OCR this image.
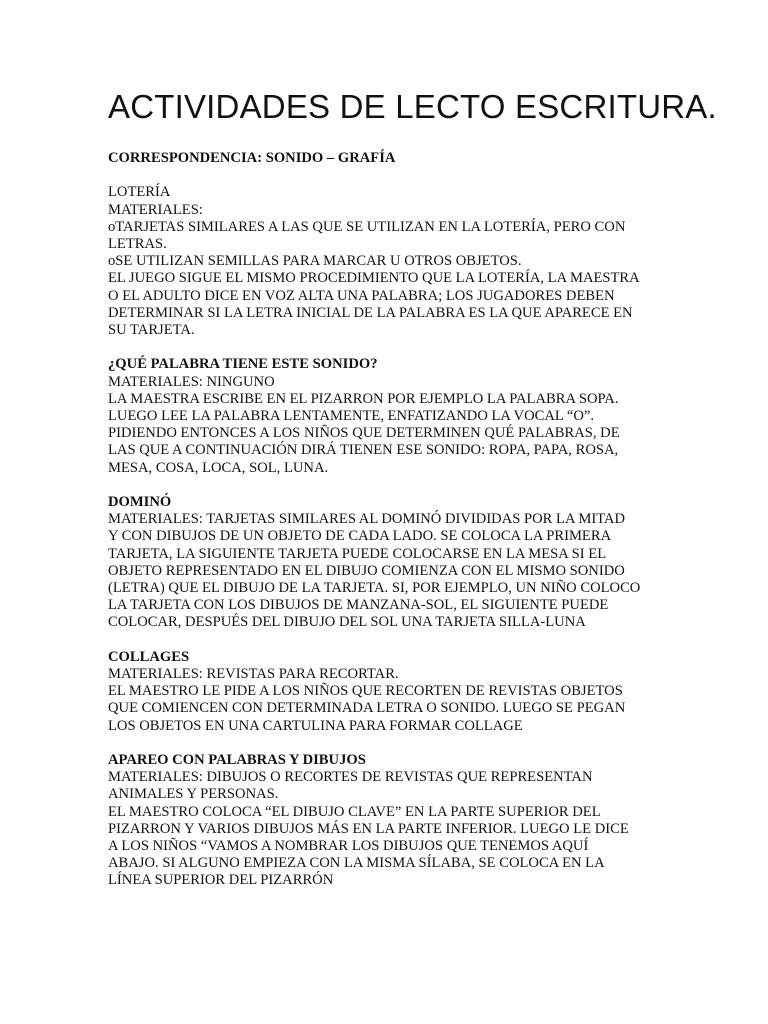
ACTIVIDADES DE LECTO ESCRITURA.
CORRESPONDENCIA: SONIDO – GRAFÍA
LOTERÍA
MATERIALES:
oTARJETAS SIMILARES A LAS QUE SE UTILIZAN EN LA LOTERÍA, PERO CON
LETRAS.
oSE UTILIZAN SEMILLAS PARA MARCAR U OTROS OBJETOS.
EL JUEGO SIGUE EL MISMO PROCEDIMIENTO QUE LA LOTERÍA, LA MAESTRA
O EL ADULTO DICE EN VOZ ALTA UNA PALABRA; LOS JUGADORES DEBEN
DETERMINAR SI LA LETRA INICIAL DE LA PALABRA ES LA QUE APARECE EN
SU TARJETA.
¿QUÉ PALABRA TIENE ESTE SONIDO?
MATERIALES: NINGUNO
LA MAESTRA ESCRIBE EN EL PIZARRON POR EJEMPLO LA PALABRA SOPA.
LUEGO LEE LA PALABRA LENTAMENTE, ENFATIZANDO LA VOCAL “O”.
PIDIENDO ENTONCES A LOS NIÑOS QUE DETERMINEN QUÉ PALABRAS, DE
LAS QUE A CONTINUACIÓN DIRÁ TIENEN ESE SONIDO: ROPA, PAPA, ROSA,
MESA, COSA, LOCA, SOL, LUNA.
DOMINÓ
MATERIALES: TARJETAS SIMILARES AL DOMINÓ DIVIDIDAS POR LA MITAD
Y CON DIBUJOS DE UN OBJETO DE CADA LADO. SE COLOCA LA PRIMERA
TARJETA, LA SIGUIENTE TARJETA PUEDE COLOCARSE EN LA MESA SI EL
OBJETO REPRESENTADO EN EL DIBUJO COMIENZA CON EL MISMO SONIDO
(LETRA) QUE EL DIBUJO DE LA TARJETA. SI, POR EJEMPLO, UN NIÑO COLOCO
LA TARJETA CON LOS DIBUJOS DE MANZANA-SOL, EL SIGUIENTE PUEDE
COLOCAR, DESPUÉS DEL DIBUJO DEL SOL UNA TARJETA SILLA-LUNA
COLLAGES
MATERIALES: REVISTAS PARA RECORTAR.
EL MAESTRO LE PIDE A LOS NIÑOS QUE RECORTEN DE REVISTAS OBJETOS
QUE COMIENCEN CON DETERMINADA LETRA O SONIDO. LUEGO SE PEGAN
LOS OBJETOS EN UNA CARTULINA PARA FORMAR COLLAGE
APAREO CON PALABRAS Y DIBUJOS
MATERIALES: DIBUJOS O RECORTES DE REVISTAS QUE REPRESENTAN
ANIMALES Y PERSONAS.
EL MAESTRO COLOCA “EL DIBUJO CLAVE” EN LA PARTE SUPERIOR DEL
PIZARRON Y VARIOS DIBUJOS MÁS EN LA PARTE INFERIOR. LUEGO LE DICE
A LOS NIÑOS “VAMOS A NOMBRAR LOS DIBUJOS QUE TENEMOS AQUÍ
ABAJO. SI ALGUNO EMPIEZA CON LA MISMA SÍLABA, SE COLOCA EN LA
LÍNEA SUPERIOR DEL PIZARRÓN
